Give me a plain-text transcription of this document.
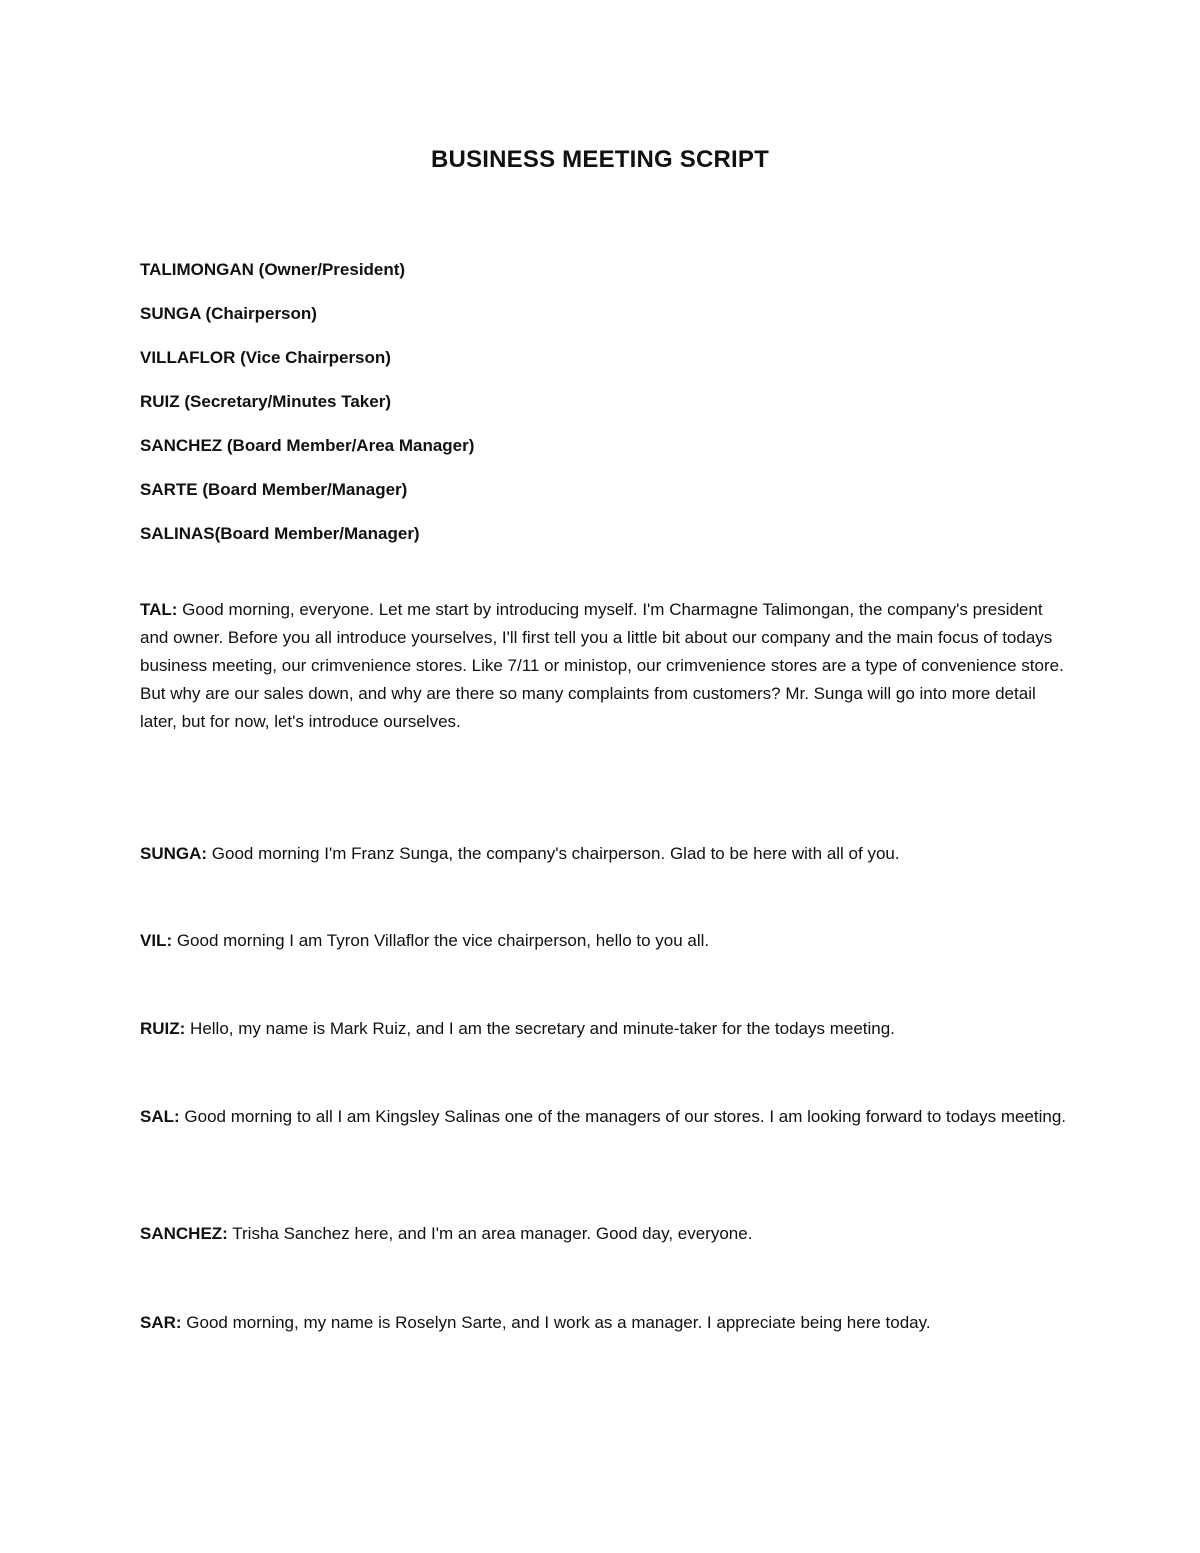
BUSINESS MEETING SCRIPT
TALIMONGAN (Owner/President)
SUNGA (Chairperson)
VILLAFLOR (Vice Chairperson)
RUIZ (Secretary/Minutes Taker)
SANCHEZ (Board Member/Area Manager)
SARTE (Board Member/Manager)
SALINAS(Board Member/Manager)

TAL: Good morning, everyone. Let me start by introducing myself. I'm Charmagne Talimongan, the company's president and owner. Before you all introduce yourselves, I'll first tell you a little bit about our company and the main focus of todays business meeting, our crimvenience stores. Like 7/11 or ministop, our crimvenience stores are a type of convenience store. But why are our sales down, and why are there so many complaints from customers? Mr. Sunga will go into more detail later, but for now, let's introduce ourselves.

SUNGA: Good morning I'm Franz Sunga, the company's chairperson. Glad to be here with all of you.

VIL: Good morning I am Tyron Villaflor the vice chairperson, hello to you all.

RUIZ: Hello, my name is Mark Ruiz, and I am the secretary and minute-taker for the todays meeting.

SAL: Good morning to all I am Kingsley Salinas one of the managers of our stores. I am looking forward to todays meeting.

SANCHEZ: Trisha Sanchez here, and I'm an area manager. Good day, everyone.

SAR: Good morning, my name is Roselyn Sarte, and I work as a manager. I appreciate being here today.
